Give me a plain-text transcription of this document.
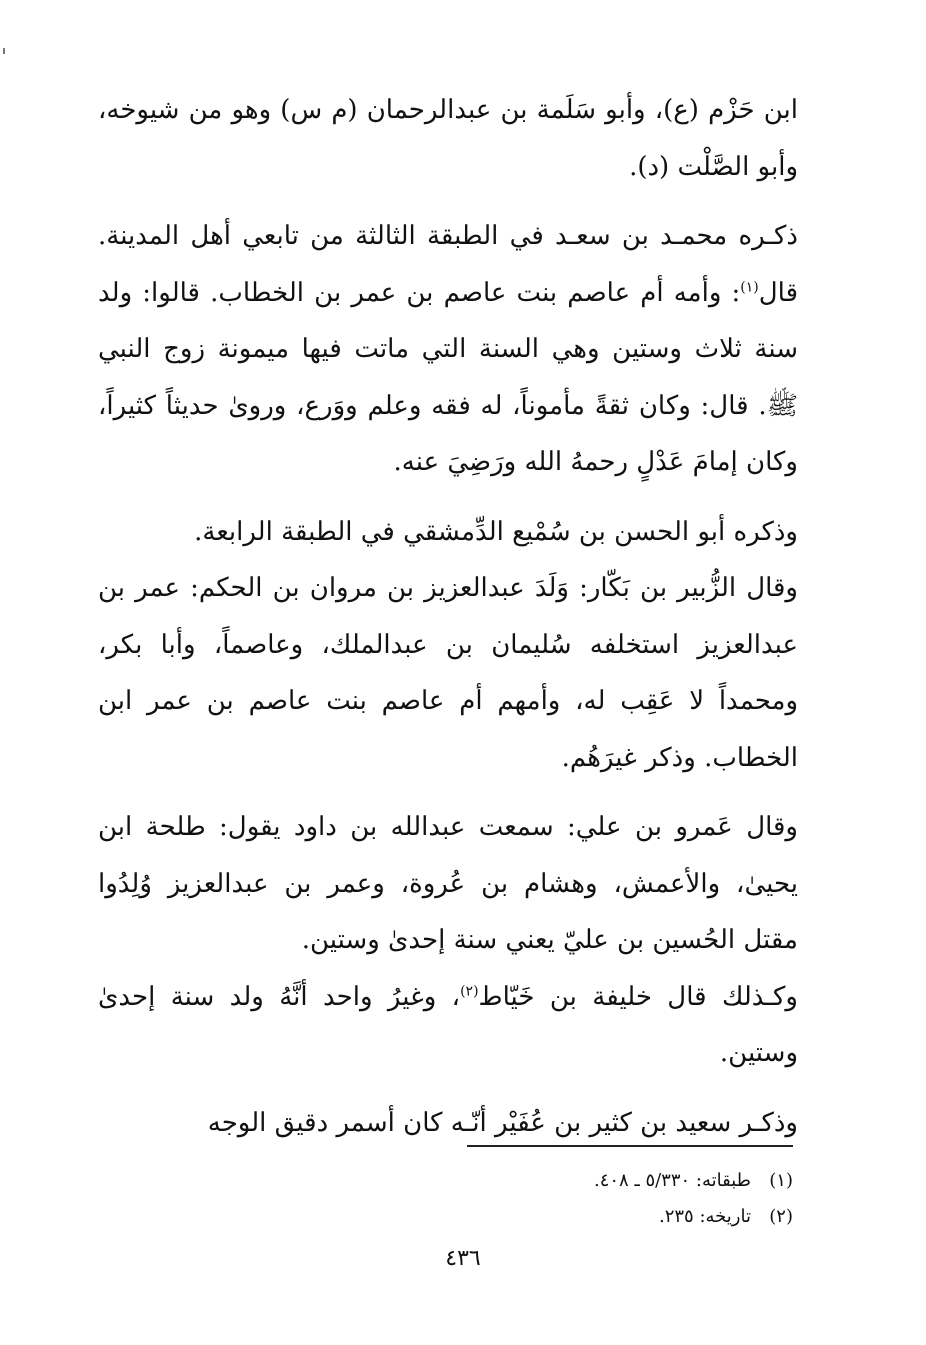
ابن حَزْم (ع)، وأبو سَلَمة بن عبدالرحمان (م س) وهو من شيوخه، وأبو الصَّلْت (د).

ذكـره محمـد بن سعـد في الطبقة الثالثة من تابعي أهل المدينة. قال$^{(١)}$: وأمه أم عاصم بنت عاصم بن عمر بن الخطاب. قالوا: ولد سنة ثلاث وستين وهي السنة التي ماتت فيها ميمونة زوج النبي ﷺ. قال: وكان ثقةً مأموناً، له فقه وعلم ووَرع، وروىٰ حديثاً كثيراً، وكان إمامَ عَدْلٍ رحمهُ الله ورَضِيَ عنه.

وذكره أبو الحسن بن سُمْيع الدِّمشقي في الطبقة الرابعة.

وقال الزُّبير بن بَكّار: وَلَدَ عبدالعزيز بن مروان بن الحكم: عمر بن عبدالعزيز استخلفه سُليمان بن عبدالملك، وعاصماً، وأبا بكر، ومحمداً لا عَقِب له، وأمهم أم عاصم بنت عاصم بن عمر ابن الخطاب. وذكر غيرَهُم.

وقال عَمرو بن علي: سمعت عبدالله بن داود يقول: طلحة ابن يحيىٰ، والأعمش، وهشام بن عُروة، وعمر بن عبدالعزيز وُلِدُوا مقتل الحُسين بن عليّ يعني سنة إحدىٰ وستين.

وكـذلك قال خليفة بن خَيّاط$^{(٢)}$، وغيرُ واحد أنَّهُ ولد سنة إحدىٰ وستين.

وذكـر سعيد بن كثير بن عُفَيْر أنّـه كان أسمر دقيق الوجه

(١)طبقاته: ٥/٣٣٠ ـ ٤٠٨.

(٢)تاريخه: ٢٣٥.

٤٣٦
